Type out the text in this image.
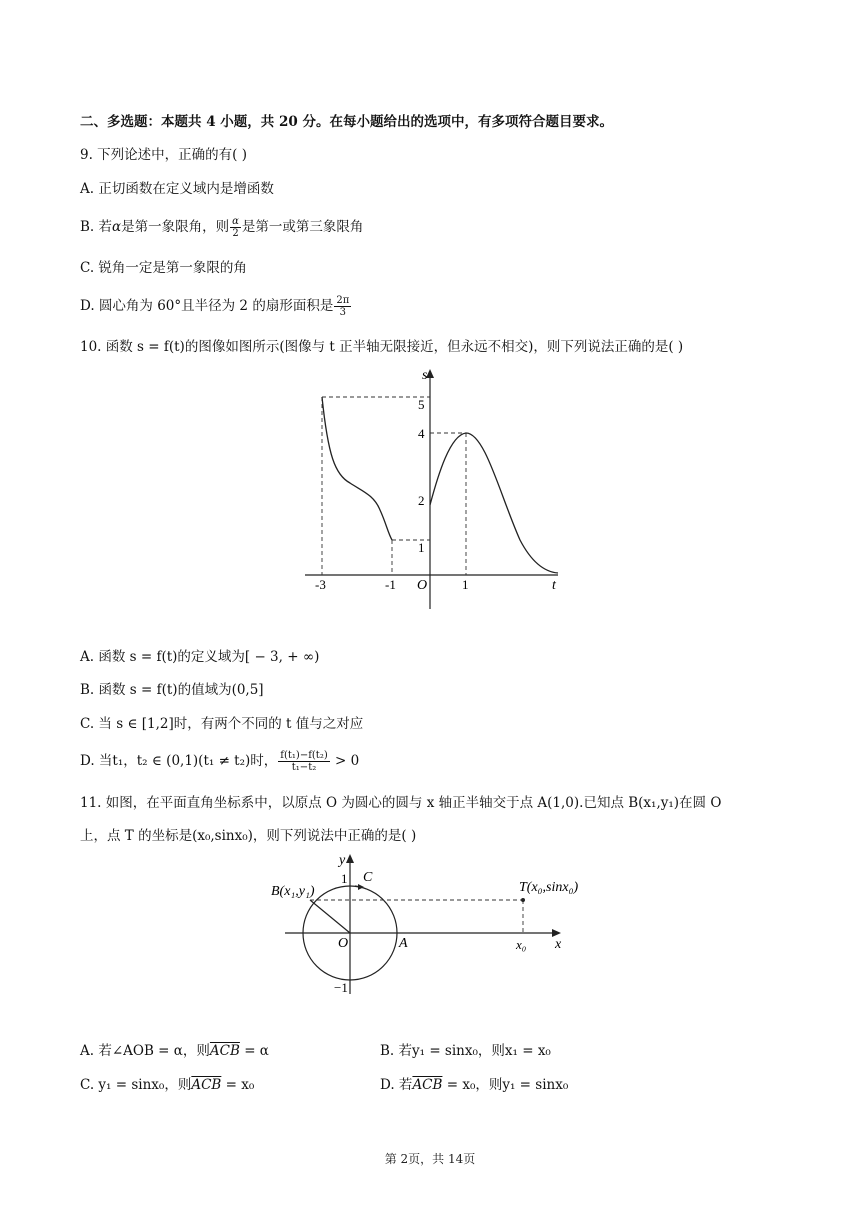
二、多选题：本题共 4 小题，共 20 分。在每小题给出的选项中，有多项符合题目要求。
9. 下列论述中，正确的有( )
A. 正切函数在定义域内是增函数
B. 若α是第一象限角，则 $\frac{\alpha}{2}$ 是第一或第三象限角
C. 锐角一定是第一象限的角
D. 圆心角为 60°且半径为 2 的扇形面积是 $\frac{2\pi}{3}$
10. 函数 s = f(t)的图像如图所示(图像与 t 正半轴无限接近，但永远不相交)，则下列说法正确的是( )
s
t
O
-3	-1	1
5
4
2
1
A. 函数 s = f(t)的定义域为[ − 3, + ∞)
B. 函数 s = f(t)的值域为(0,5]
C. 当 s ∈ [1,2]时，有两个不同的 t 值与之对应
D. 当t₁，t₂ ∈ (0,1)(t₁ ≠ t₂)时， $\frac{\text{f(t₁)−f(t₂)}}{\text{t₁−t₂}} > 0$
11. 如图，在平面直角坐标系中，以原点 O 为圆心的圆与 x 轴正半轴交于点 A(1,0).已知点 B(x₁,y₁)在圆 O
上，点 T 的坐标是(x₀,sinx₀)，则下列说法中正确的是( )
y
x
O	A
C
1
−1
B(x₁,y₁)	T(x₀,sinx₀)
x₀
A. 若∠AOB = α，则$\overline{ACB} = \alpha$	B. 若y₁ = sinx₀，则x₁ = x₀
C. y₁ = sinx₀，则$\overline{ACB} = x_0$	D. 若$\overline{ACB} = x_0$，则y₁ = sinx₀
第 2页，共 14页
